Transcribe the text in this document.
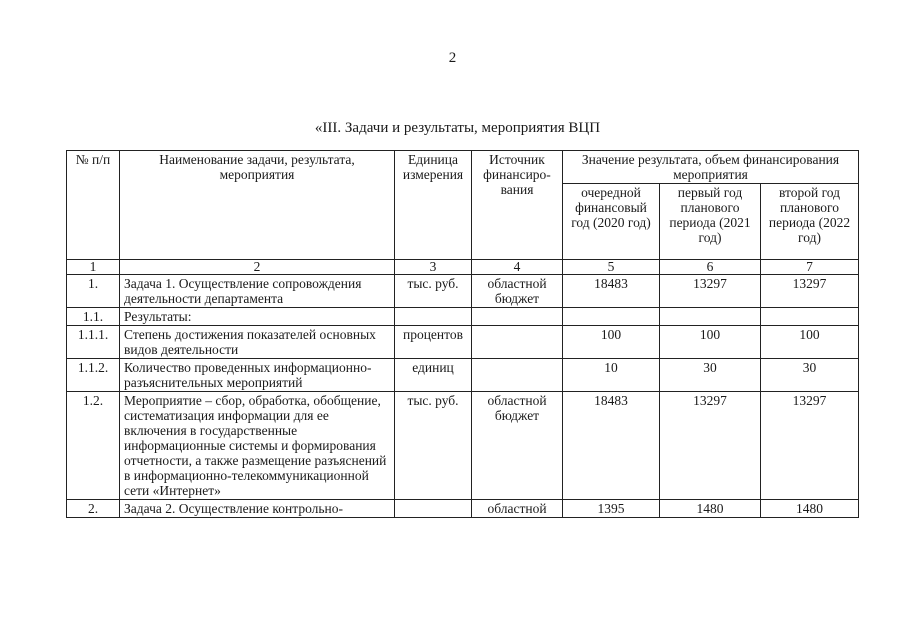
2
«III. Задачи и результаты, мероприятия ВЦП
№ п/п	Наименование задачи, результата, мероприятия	Единица измерения	Источник финансиро-вания	Значение результата, объем финансирования мероприятия		
				очередной финансовый год (2020 год)	первый год планового периода (2021 год)	второй год планового периода (2022 год)
1	2	3	4	5	6	7
1.	Задача 1. Осуществление сопровождения деятельности департамента	тыс. руб.	областной бюджет	18483	13297	13297
1.1.	Результаты:					
1.1.1.	Степень достижения показателей основных видов деятельности	процентов		100	100	100
1.1.2.	Количество проведенных информационно-разъяснительных мероприятий	единиц		10	30	30
1.2.	Мероприятие – сбор, обработка, обобщение, систематизация информации для ее включения в государственные информационные системы и формирования отчетности, а также размещение разъяснений в информационно-телекоммуникационной сети «Интернет»	тыс. руб.	областной бюджет	18483	13297	13297
2.	Задача 2. Осуществление контрольно-		областной	1395	1480	1480
